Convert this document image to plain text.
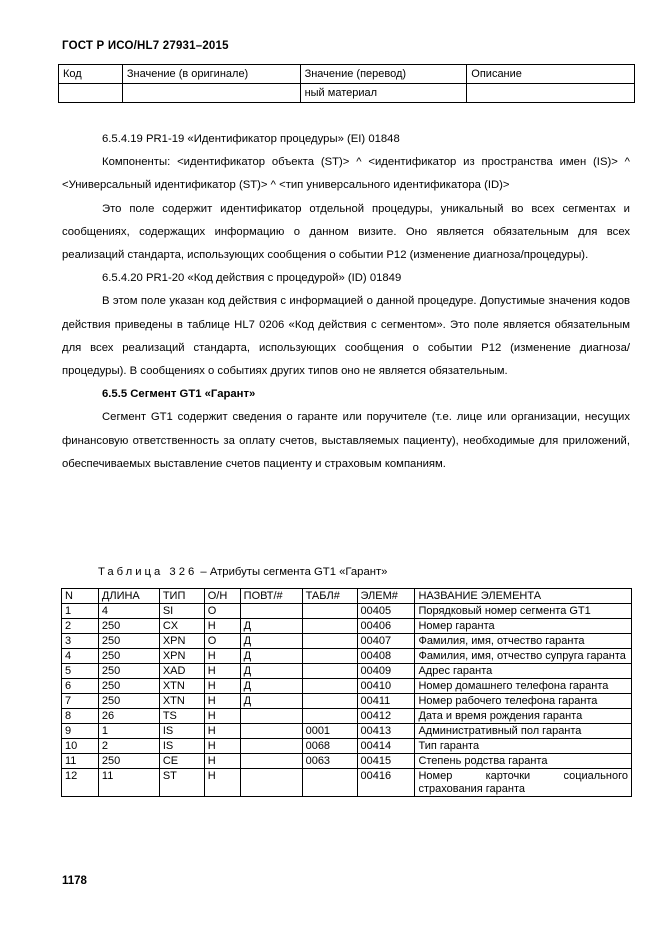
ГОСТ Р ИСО/HL7 27931–2015
Код	Значение (в оригинале)	Значение (перевод)	Описание
		ный материал	

6.5.4.19 PR1-19 «Идентификатор процедуры» (EI) 01848

Компоненты: <идентификатор объекта (ST)> ^ <идентификатор из пространства имен (IS)> ^ <Универсальный идентификатор (ST)> ^ <тип универсального идентификатора (ID)>

Это поле содержит идентификатор отдельной процедуры, уникальный во всех сегментах и сообщениях, содержащих информацию о данном визите. Оно является обязательным для всех реализаций стандарта, использующих сообщения о событии P12 (изменение диагноза/процедуры).

6.5.4.20 PR1-20 «Код действия с процедурой» (ID) 01849

В этом поле указан код действия с информацией о данной процедуре. Допустимые значения кодов действия приведены в таблице HL7 0206 «Код действия с сегментом». Это поле является обязательным для всех реализаций стандарта, использующих сообщения о событии P12 (изменение диагноза/процедуры). В сообщениях о событиях других типов оно не является обязательным.

6.5.5 Сегмент GT1 «Гарант»

Сегмент GT1 содержит сведения о гаранте или поручителе (т.е. лице или организации, несущих финансовую ответственность за оплату счетов, выставляемых пациенту), необходимые для приложений, обеспечиваемых выставление счетов пациенту и страховым компаниям.

Таблица 326 – Атрибуты сегмента GT1 «Гарант»
N	ДЛИНА	ТИП	О/Н	ПОВТ/#	ТАБЛ#	ЭЛЕМ#	НАЗВАНИЕ ЭЛЕМЕНТА
1	4	SI	О			00405	Порядковый номер сегмента GT1
2	250	CX	Н	Д		00406	Номер гаранта
3	250	XPN	О	Д		00407	Фамилия, имя, отчество гаранта
4	250	XPN	Н	Д		00408	Фамилия, имя, отчество супруга гаранта
5	250	XAD	Н	Д		00409	Адрес гаранта
6	250	XTN	Н	Д		00410	Номер домашнего телефона гаранта
7	250	XTN	Н	Д		00411	Номер рабочего телефона гаранта
8	26	TS	Н			00412	Дата и время рождения гаранта
9	1	IS	Н		0001	00413	Административный пол гаранта
10	2	IS	Н		0068	00414	Тип гаранта
11	250	CE	Н		0063	00415	Степень родства гаранта
12	11	ST	Н			00416	Номер карточки социального страхования гаранта
1178
